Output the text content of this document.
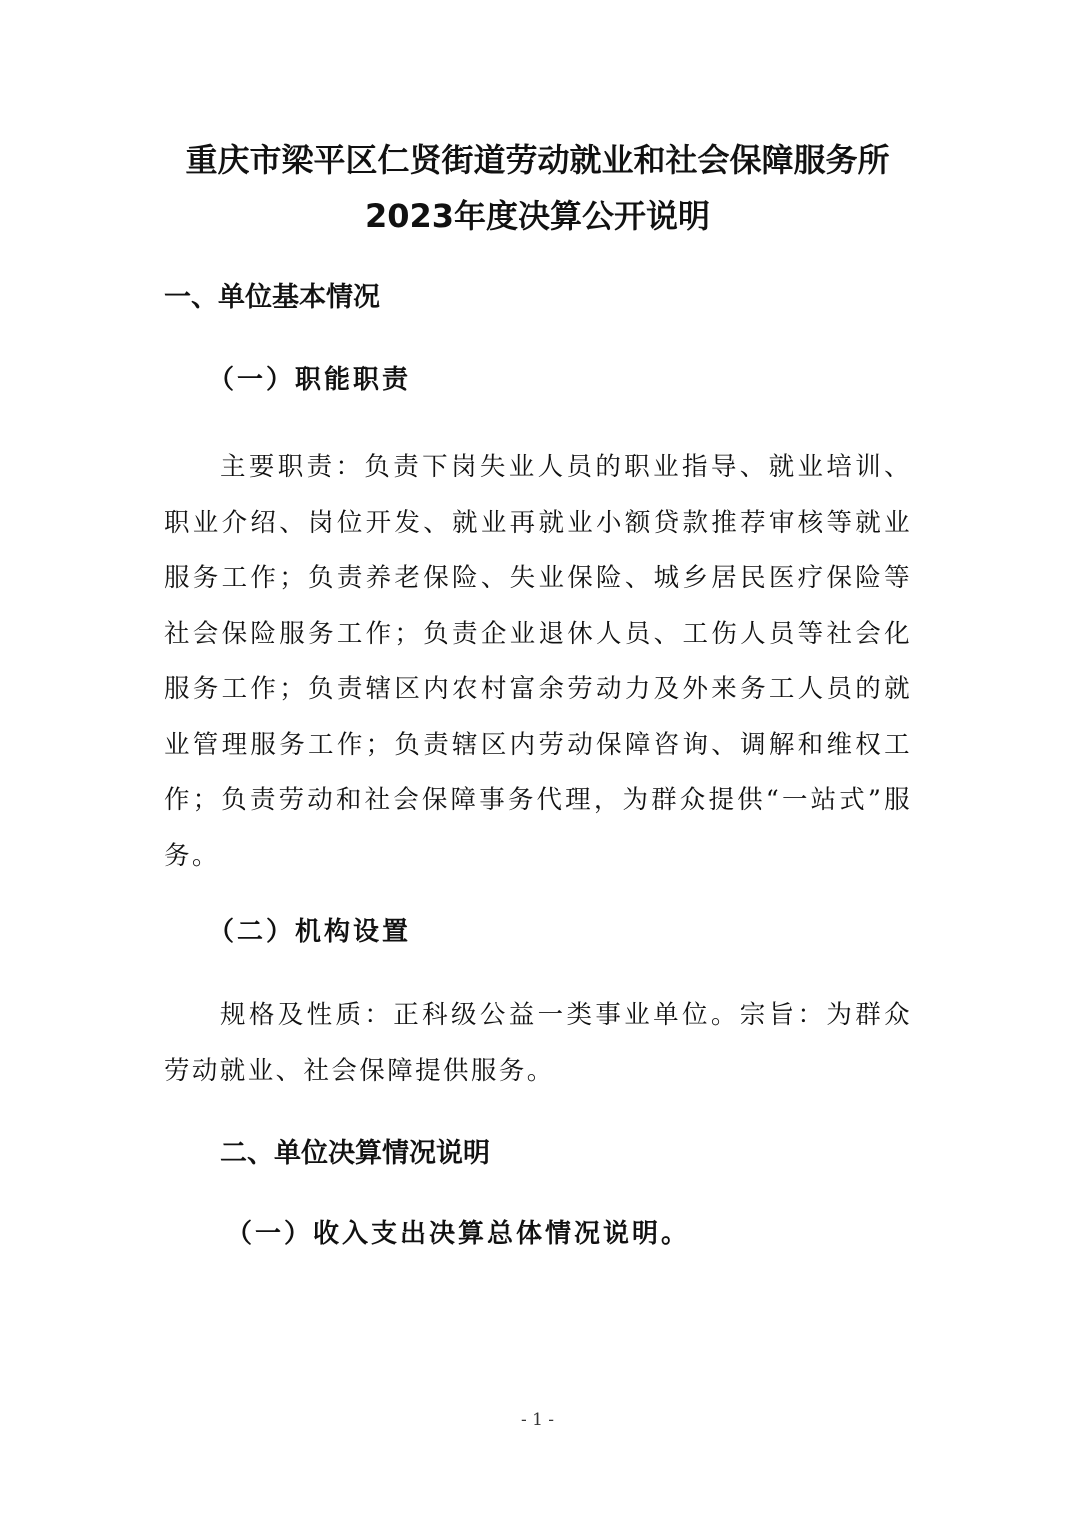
重庆市梁平区仁贤街道劳动就业和社会保障服务所
2023年度决算公开说明
一、单位基本情况
（一）职能职责

主要职责：负责下岗失业人员的职业指导、就业培训、职业介绍、岗位开发、就业再就业小额贷款推荐审核等就业服务工作；负责养老保险、失业保险、城乡居民医疗保险等社会保险服务工作；负责企业退休人员、工伤人员等社会化服务工作；负责辖区内农村富余劳动力及外来务工人员的就业管理服务工作；负责辖区内劳动保障咨询、调解和维权工作；负责劳动和社会保障事务代理，为群众提供“一站式”服务。

（二）机构设置

规格及性质：正科级公益一类事业单位。宗旨：为群众劳动就业、社会保障提供服务。

二、单位决算情况说明
（一）收入支出决算总体情况说明。
- 1 -
